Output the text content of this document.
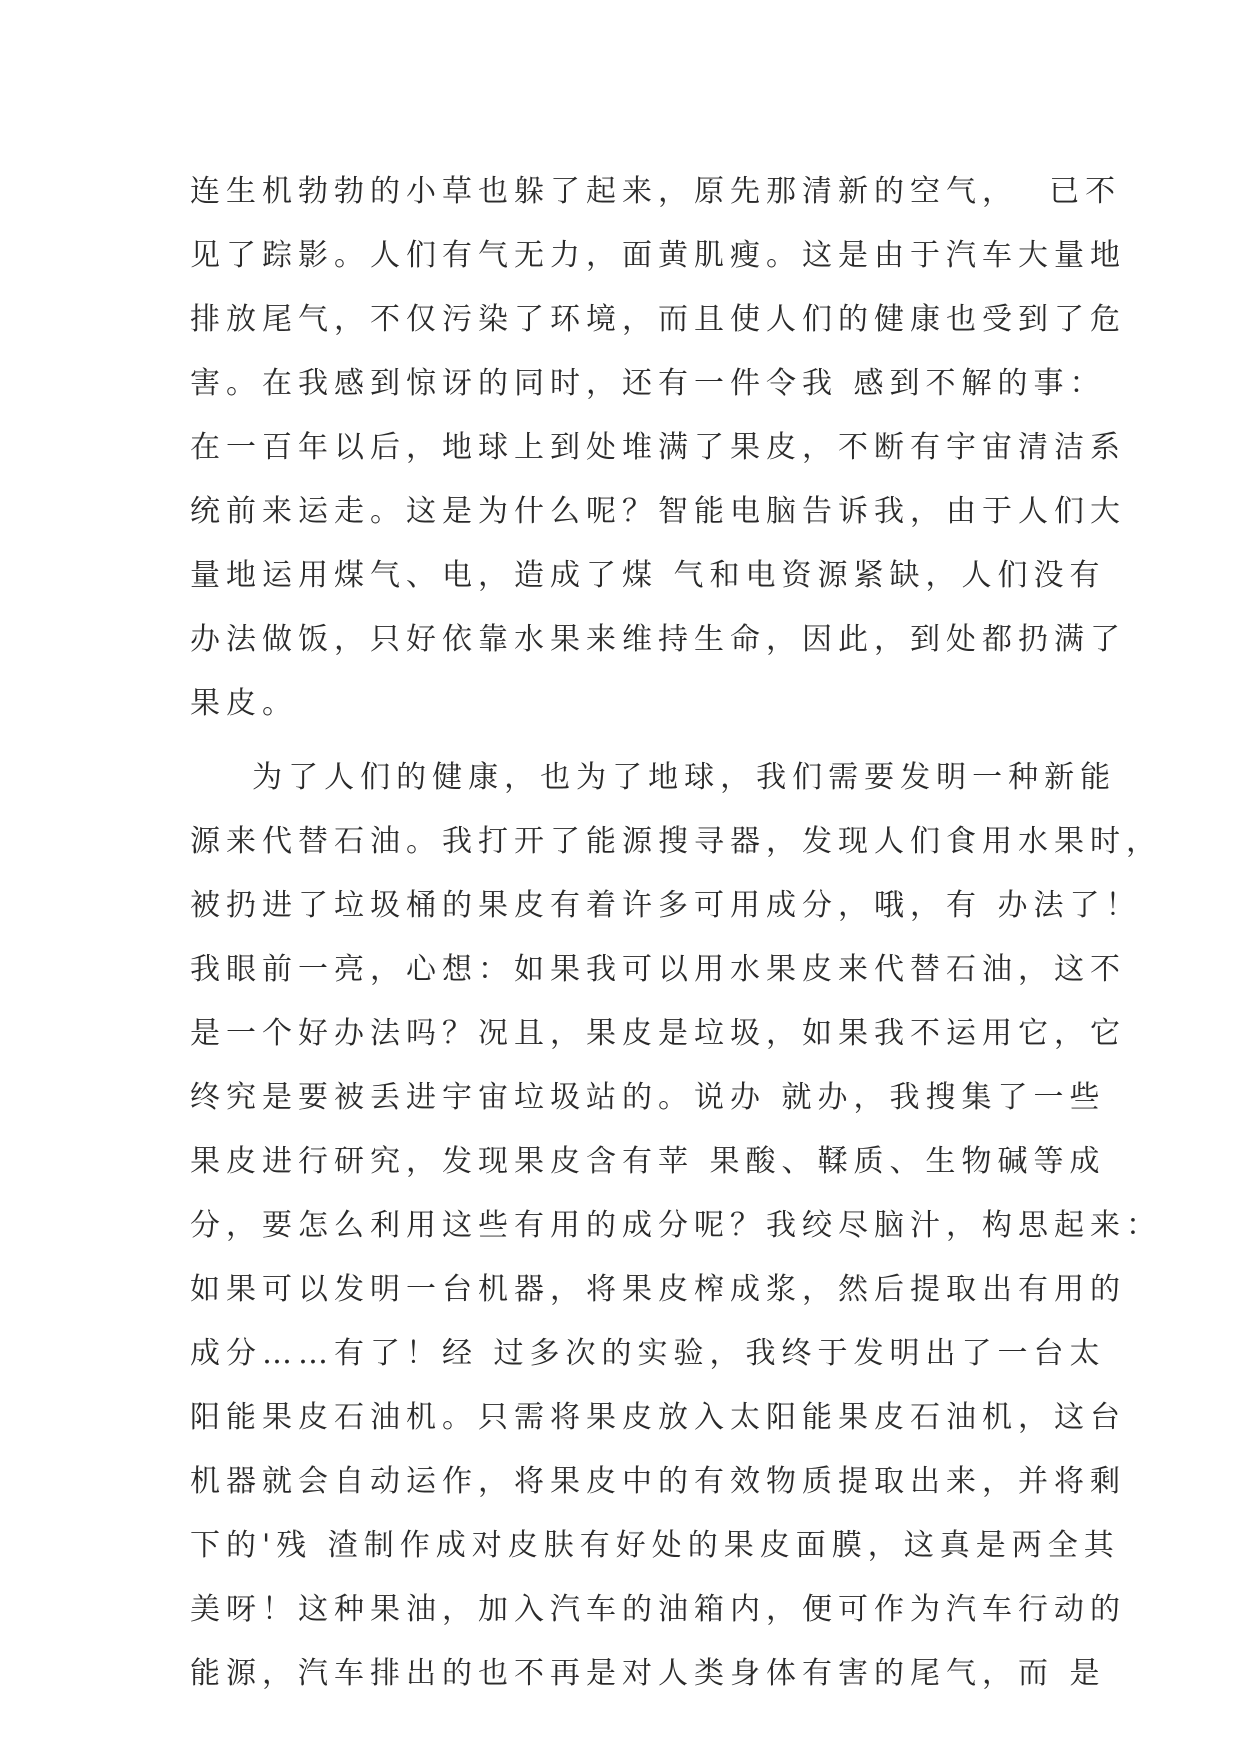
连生机勃勃的小草也躲了起来，原先那清新的空气，  已不
见了踪影。人们有气无力，面黄肌瘦。这是由于汽车大量地
排放尾气，不仅污染了环境，而且使人们的健康也受到了危
害。在我感到惊讶的同时，还有一件令我 感到不解的事：
在一百年以后，地球上到处堆满了果皮，不断有宇宙清洁系
统前来运走。这是为什么呢？智能电脑告诉我，由于人们大
量地运用煤气、电，造成了煤 气和电资源紧缺，人们没有
办法做饭，只好依靠水果来维持生命，因此，到处都扔满了
果皮。
为了人们的健康，也为了地球，我们需要发明一种新能
源来代替石油。我打开了能源搜寻器，发现人们食用水果时，
被扔进了垃圾桶的果皮有着许多可用成分，哦，有 办法了！
我眼前一亮，心想：如果我可以用水果皮来代替石油，这不
是一个好办法吗？况且，果皮是垃圾，如果我不运用它，它
终究是要被丢进宇宙垃圾站的。说办 就办，我搜集了一些
果皮进行研究，发现果皮含有苹 果酸、鞣质、生物碱等成
分，要怎么利用这些有用的成分呢？我绞尽脑汁，构思起来：
如果可以发明一台机器，将果皮榨成浆，然后提取出有用的
成分……有了！经 过多次的实验，我终于发明出了一台太
阳能果皮石油机。只需将果皮放入太阳能果皮石油机，这台
机器就会自动运作，将果皮中的有效物质提取出来，并将剩
下的'残 渣制作成对皮肤有好处的果皮面膜，这真是两全其
美呀！这种果油，加入汽车的油箱内，便可作为汽车行动的
能源，汽车排出的也不再是对人类身体有害的尾气，而 是
